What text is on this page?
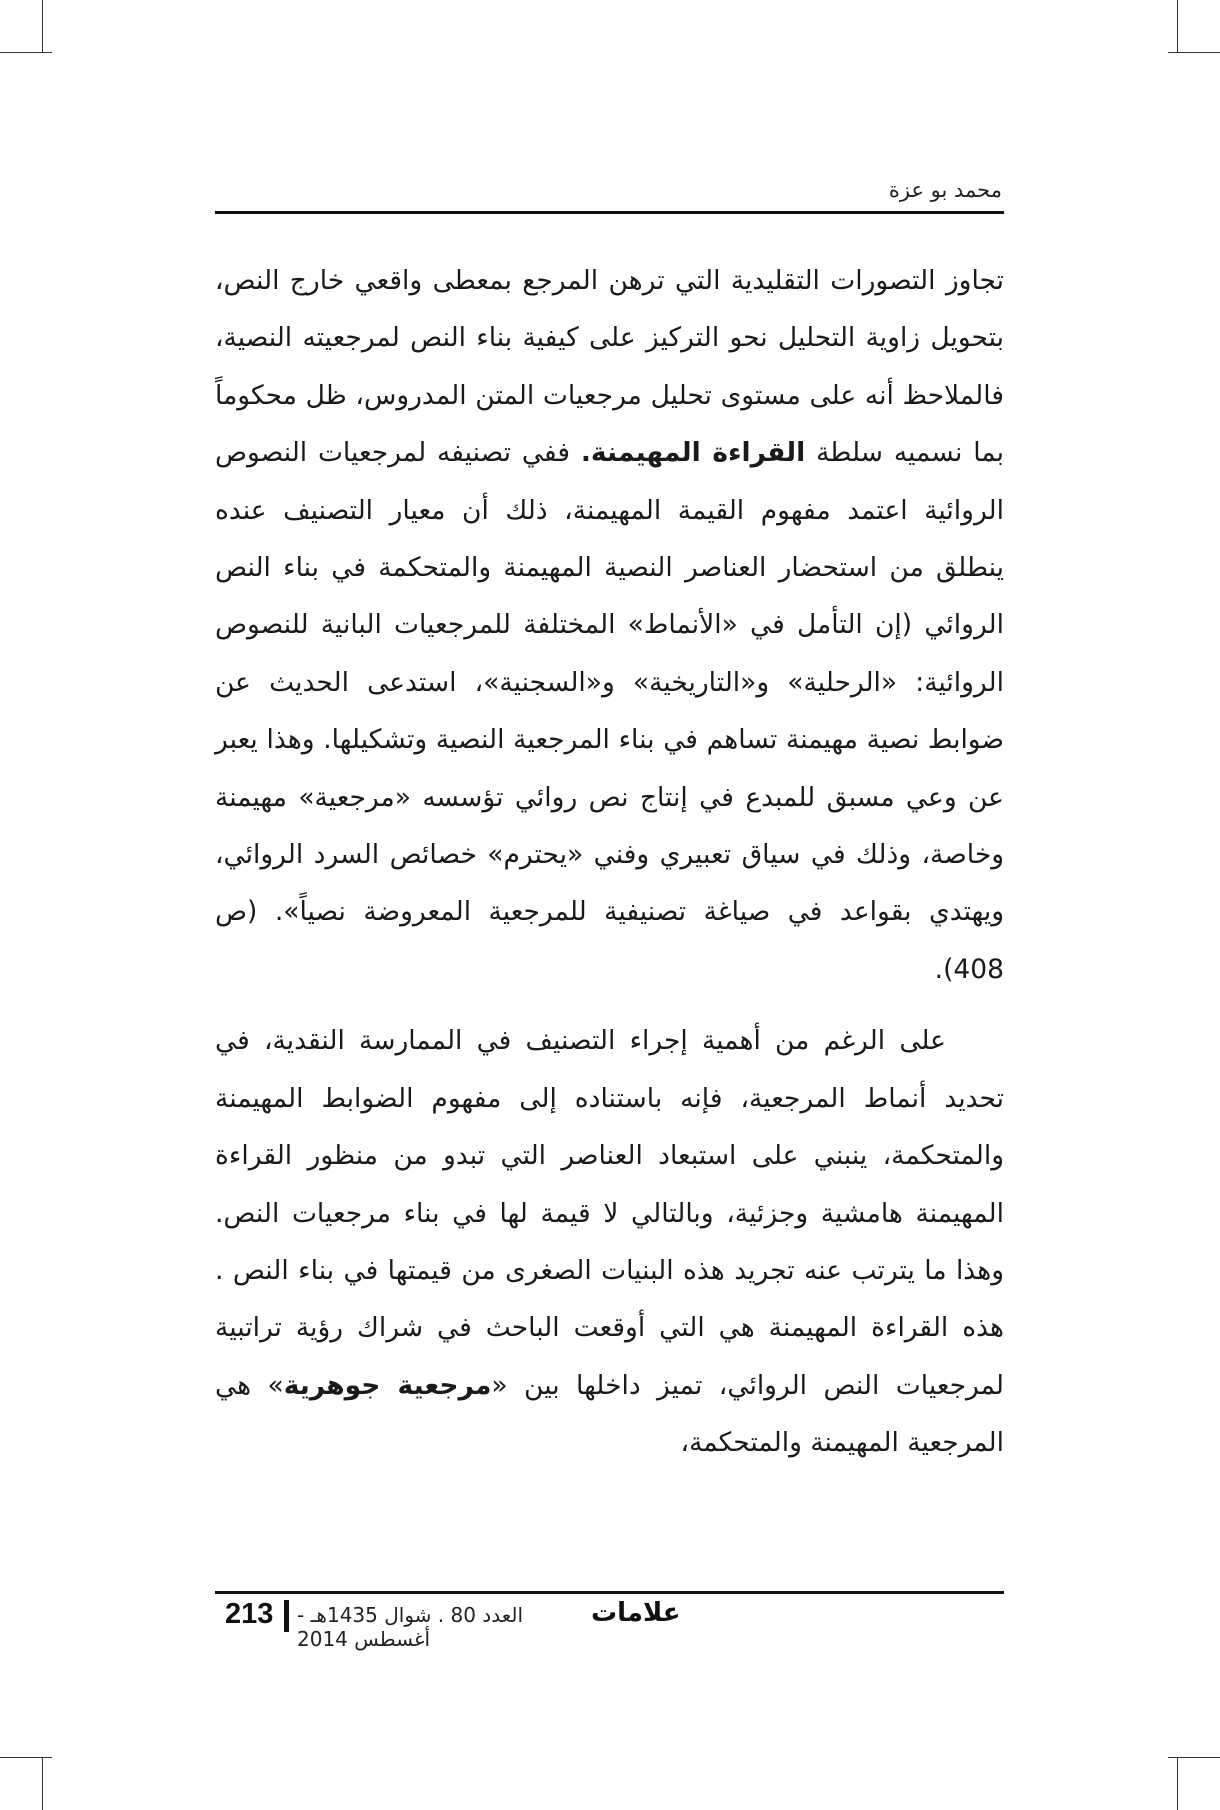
محمد بو عزة

تجاوز التصورات التقليدية التي ترهن المرجع بمعطى واقعي خارج النص، بتحويل زاوية التحليل نحو التركيز على كيفية بناء النص لمرجعيته النصية، فالملاحظ أنه على مستوى تحليل مرجعيات المتن المدروس، ظل محكوماً بما نسميه سلطة القراءة المهيمنة. ففي تصنيفه لمرجعيات النصوص الروائية اعتمد مفهوم القيمة المهيمنة، ذلك أن معيار التصنيف عنده ينطلق من استحضار العناصر النصية المهيمنة والمتحكمة في بناء النص الروائي (إن التأمل في «الأنماط» المختلفة للمرجعيات البانية للنصوص الروائية: «الرحلية» و«التاريخية» و«السجنية»، استدعى الحديث عن ضوابط نصية مهيمنة تساهم في بناء المرجعية النصية وتشكيلها. وهذا يعبر عن وعي مسبق للمبدع في إنتاج نص روائي تؤسسه «مرجعية» مهيمنة وخاصة، وذلك في سياق تعبيري وفني «يحترم» خصائص السرد الروائي، ويهتدي بقواعد في صياغة تصنيفية للمرجعية المعروضة نصياً». (ص 408).

على الرغم من أهمية إجراء التصنيف في الممارسة النقدية، في تحديد أنماط المرجعية، فإنه باستناده إلى مفهوم الضوابط المهيمنة والمتحكمة، ينبني على استبعاد العناصر التي تبدو من منظور القراءة المهيمنة هامشية وجزئية، وبالتالي لا قيمة لها في بناء مرجعيات النص. وهذا ما يترتب عنه تجريد هذه البنيات الصغرى من قيمتها في بناء النص . هذه القراءة المهيمنة هي التي أوقعت الباحث في شراك رؤية تراتبية لمرجعيات النص الروائي، تميز داخلها بين «مرجعية جوهرية» هي المرجعية المهيمنة والمتحكمة،

213 العدد 80 . شوال 1435هـ - أغسطس 2014
علامات
